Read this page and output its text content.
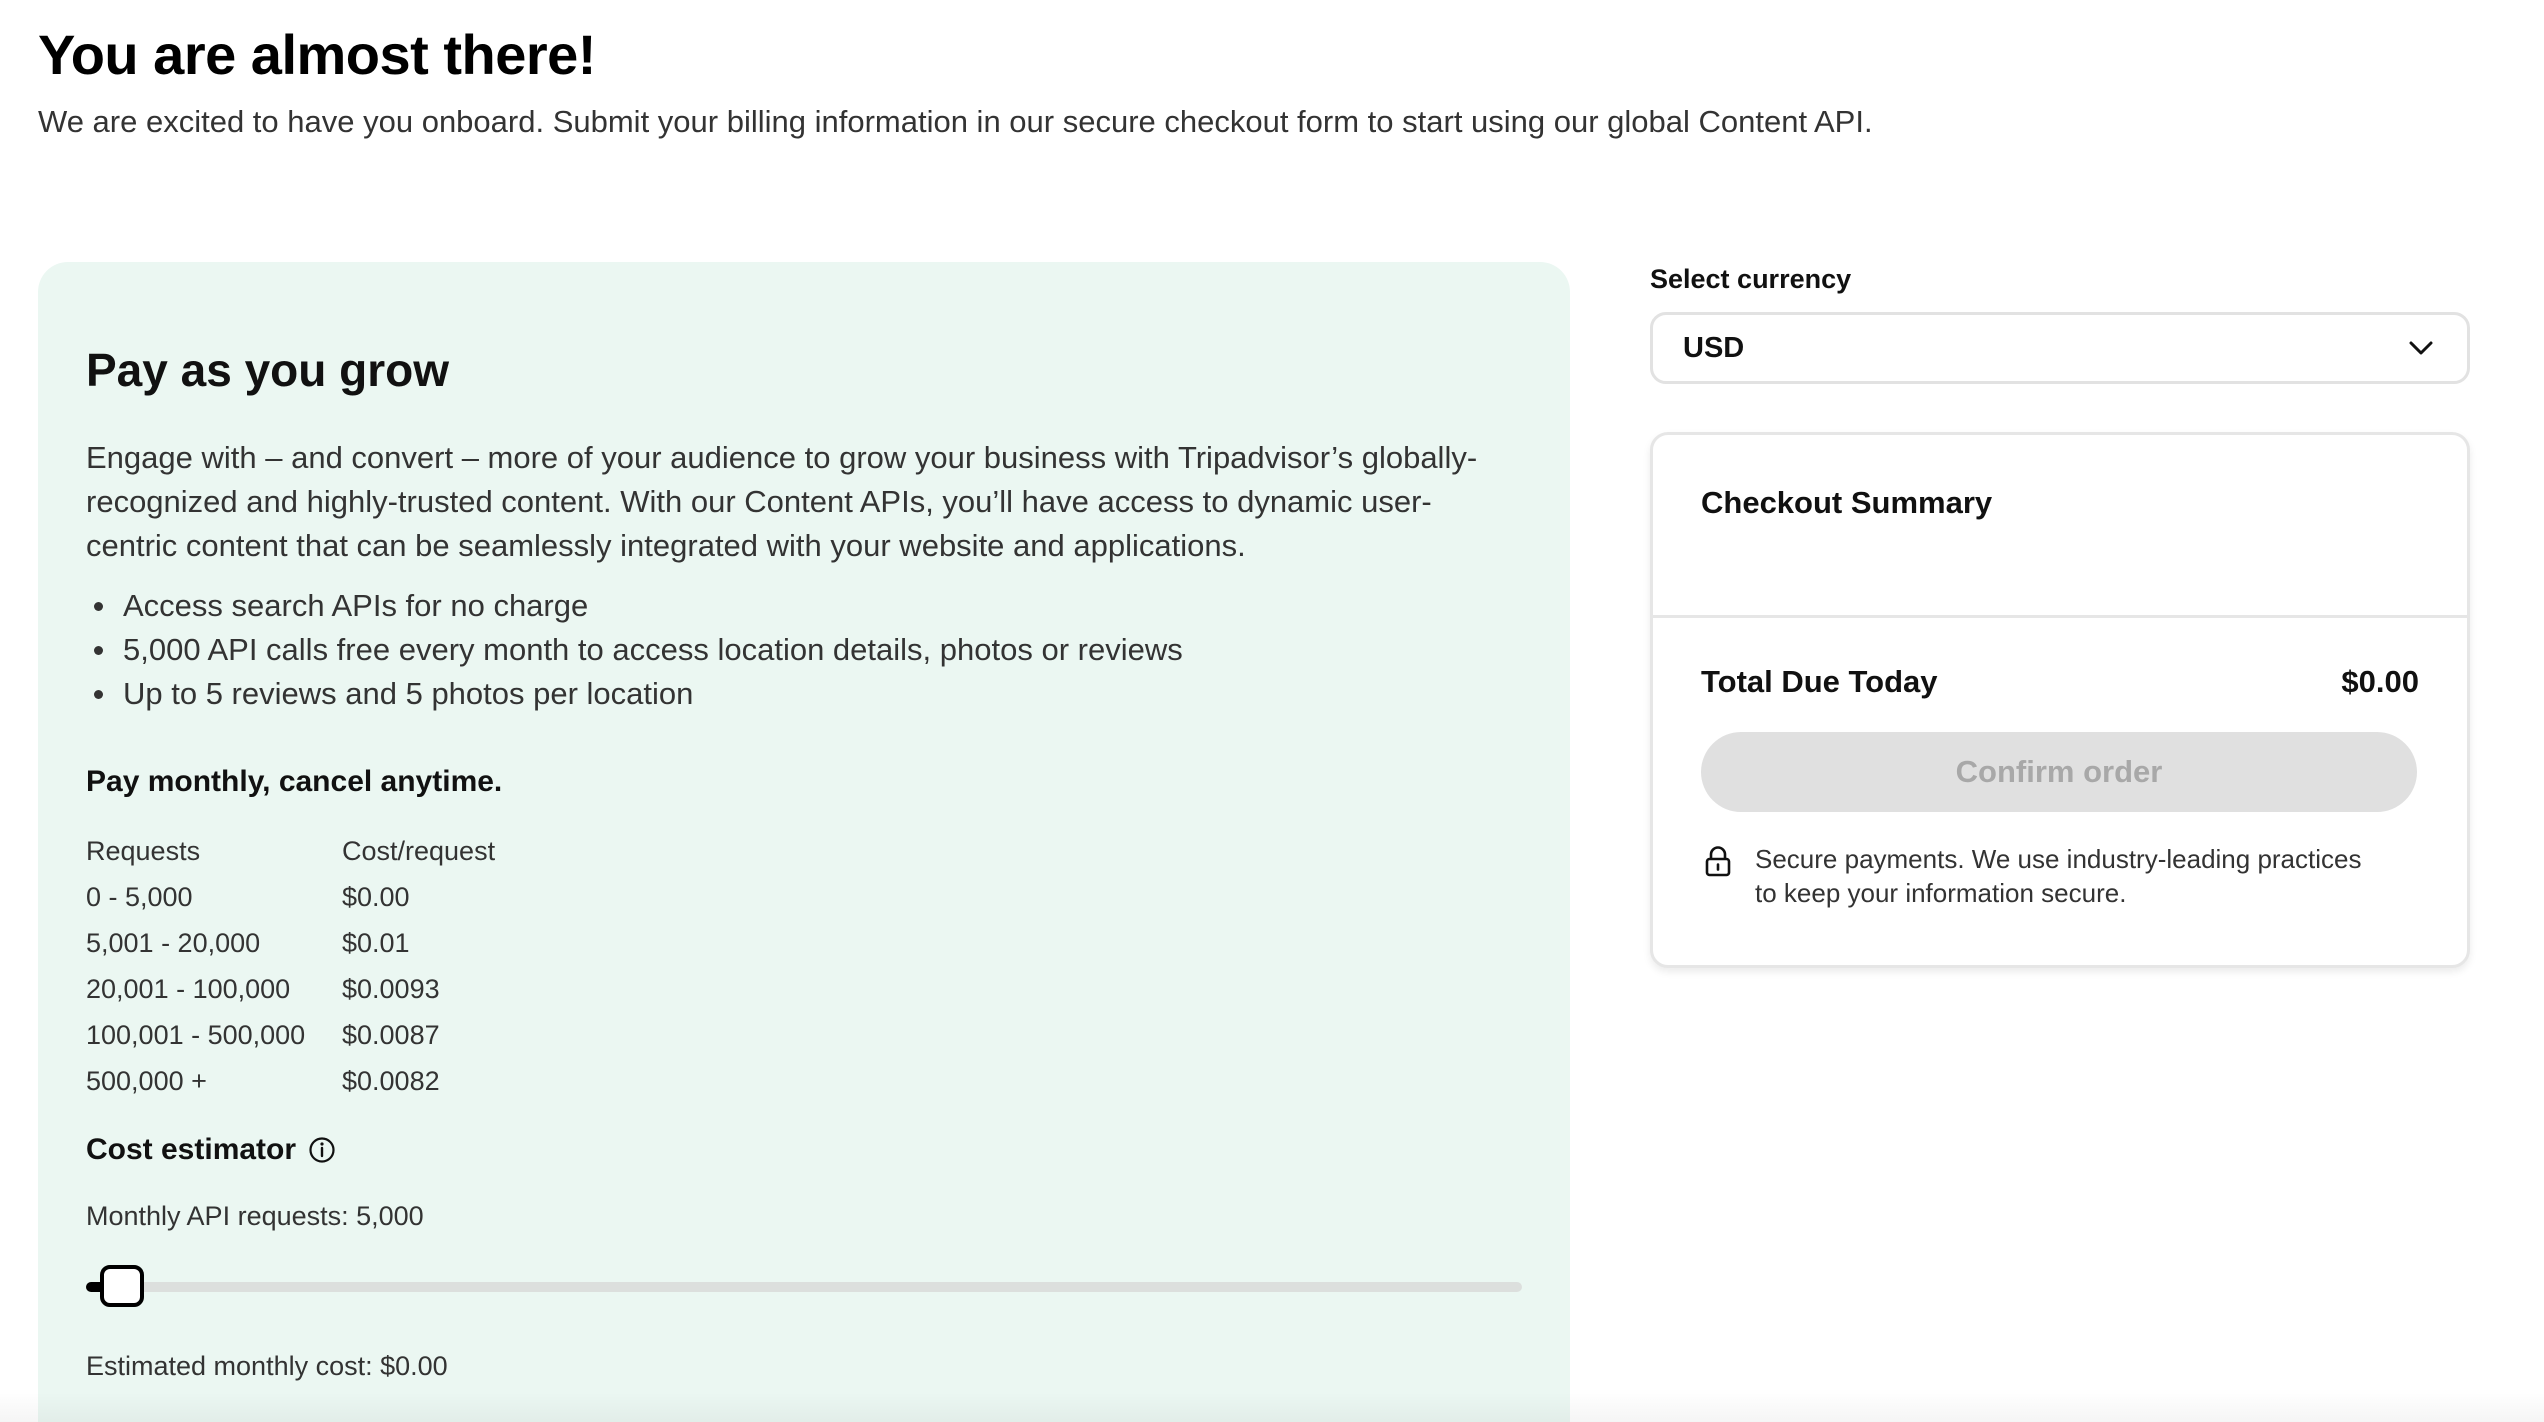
You are almost there!

We are excited to have you onboard. Submit your billing information in our secure checkout form to start using our global Content API.

Pay as you grow

Engage with – and convert – more of your audience to grow your business with Tripadvisor’s globally-recognized and highly-trusted content. With our Content APIs, you’ll have access to dynamic user-centric content that can be seamlessly integrated with your website and applications.

Access search APIs for no charge
5,000 API calls free every month to access location details, photos or reviews
Up to 5 reviews and 5 photos per location
Pay monthly, cancel anytime.
Requests	Cost/request
0 - 5,000	$0.00
5,001 - 20,000	$0.01
20,001 - 100,000	$0.0093
100,001 - 500,000	$0.0087
500,000 +	$0.0082
Cost estimator
Monthly API requests: 5,000
Estimated monthly cost: $0.00
Select currency
USD
Checkout Summary
Total Due Today	$0.00
Confirm order
Secure payments. We use industry-leading practices to keep your information secure.
